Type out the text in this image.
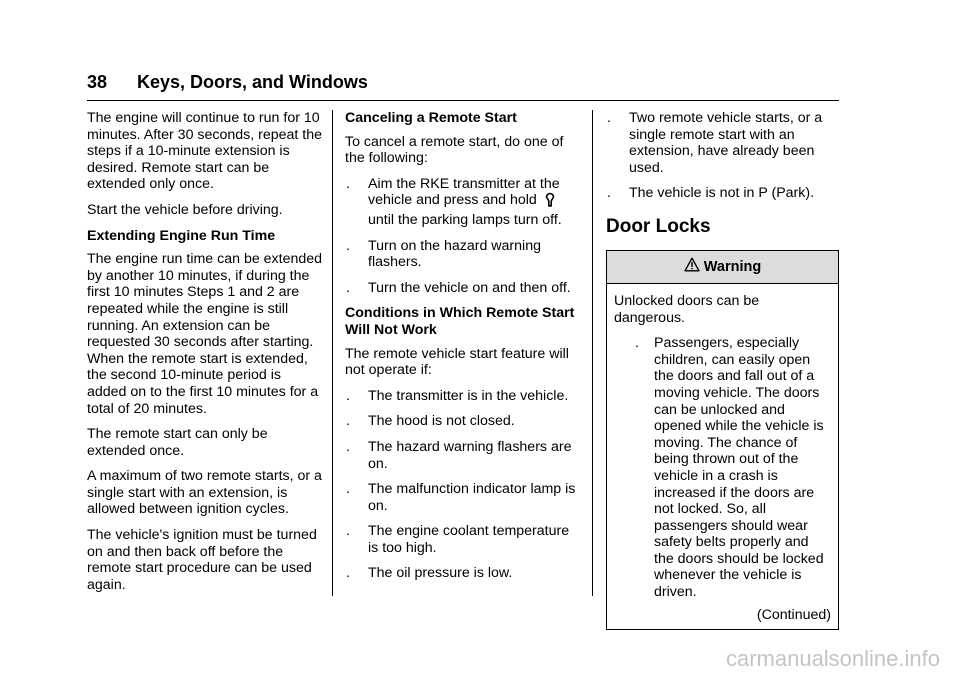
38 Keys, Doors, and Windows

The engine will continue to run for 10 minutes. After 30 seconds, repeat the steps if a 10-minute extension is desired. Remote start can be extended only once.

Start the vehicle before driving.

Extending Engine Run Time

The engine run time can be extended by another 10 minutes, if during the first 10 minutes Steps 1 and 2 are repeated while the engine is still running. An extension can be requested 30 seconds after starting. When the remote start is extended, the second 10-minute period is added on to the first 10 minutes for a total of 20 minutes.

The remote start can only be extended once.

A maximum of two remote starts, or a single start with an extension, is allowed between ignition cycles.

The vehicle's ignition must be turned on and then back off before the remote start procedure can be used again.

Canceling a Remote Start

To cancel a remote start, do one of the following:

. Aim the RKE transmitter at the vehicle and press and hold  until the parking lamps turn off.
. Turn on the hazard warning flashers.
. Turn the vehicle on and then off.

Conditions in Which Remote Start Will Not Work

The remote vehicle start feature will not operate if:

. The transmitter is in the vehicle.
. The hood is not closed.
. The hazard warning flashers are on.
. The malfunction indicator lamp is on.
. The engine coolant temperature is too high.
. The oil pressure is low.
. Two remote vehicle starts, or a single remote start with an extension, have already been used.
. The vehicle is not in P (Park).
Door Locks
Warning

Unlocked doors can be dangerous.

. Passengers, especially children, can easily open the doors and fall out of a moving vehicle. The doors can be unlocked and opened while the vehicle is moving. The chance of being thrown out of the vehicle in a crash is increased if the doors are not locked. So, all passengers should wear safety belts properly and the doors should be locked whenever the vehicle is driven.

(Continued)

carmanualsonline.info
